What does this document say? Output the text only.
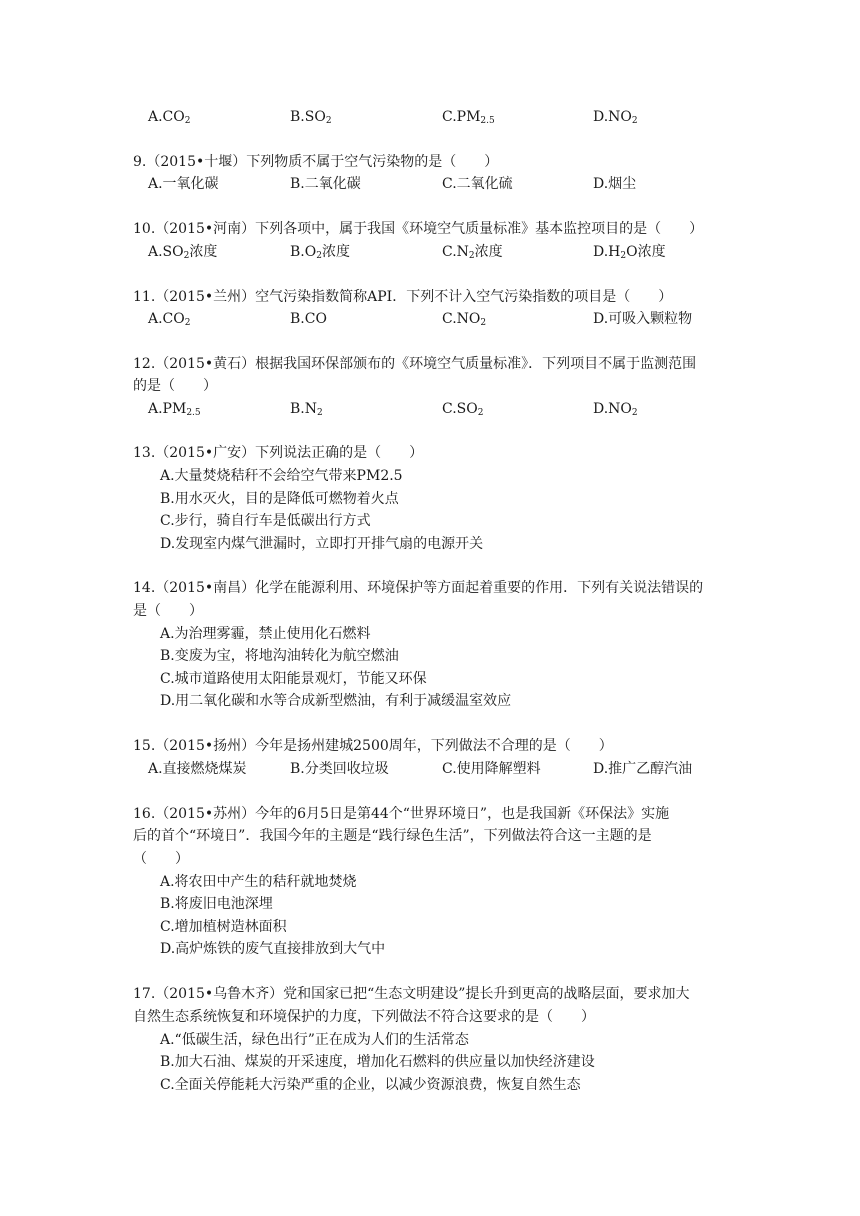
$A.CO_2$	$B.SO_2$	$C.PM_{2.5}$	$D.NO_2$
9.（2015•十堰）下列物质不属于空气污染物的是（　　）
A.一氧化碳	B.二氧化碳	C.二氧化硫	D.烟尘
10.（2015•河南）下列各项中，属于我国《环境空气质量标准》基本监控项目的是（　　）
$A.SO_2$浓度	$B.O_2$浓度	$C.N_2$浓度	$D.H_2O$浓度
11.（2015•兰州）空气污染指数简称API．下列不计入空气污染指数的项目是（　　）
$A.CO_2$	B.CO	$C.NO_2$	D.可吸入颗粒物
12.（2015•黄石）根据我国环保部颁布的《环境空气质量标准》．下列项目不属于监测范围
的是（　　）
$A.PM_{2.5}$	$B.N_2$	$C.SO_2$	$D.NO_2$
13.（2015•广安）下列说法正确的是（　　）
A.大量焚烧秸秆不会给空气带来PM2.5
B.用水灭火，目的是降低可燃物着火点
C.步行，骑自行车是低碳出行方式
D.发现室内煤气泄漏时，立即打开排气扇的电源开关
14.（2015•南昌）化学在能源利用、环境保护等方面起着重要的作用．下列有关说法错误的
是（　　）
A.为治理雾霾，禁止使用化石燃料
B.变废为宝，将地沟油转化为航空燃油
C.城市道路使用太阳能景观灯，节能又环保
D.用二氧化碳和水等合成新型燃油，有利于减缓温室效应
15.（2015•扬州）今年是扬州建城2500周年，下列做法不合理的是（　　）
A.直接燃烧煤炭	B.分类回收垃圾	C.使用降解塑料	D.推广乙醇汽油
16.（2015•苏州）今年的6月5日是第44个“世界环境日”，也是我国新《环保法》实施
后的首个“环境日”．我国今年的主题是“践行绿色生活”，下列做法符合这一主题的是
（　　）
A.将农田中产生的秸秆就地焚烧
B.将废旧电池深埋
C.增加植树造林面积
D.高炉炼铁的废气直接排放到大气中
17.（2015•乌鲁木齐）党和国家已把“生态文明建设”提长升到更高的战略层面，要求加大
自然生态系统恢复和环境保护的力度，下列做法不符合这要求的是（　　）
A.“低碳生活，绿色出行”正在成为人们的生活常态
B.加大石油、煤炭的开采速度，增加化石燃料的供应量以加快经济建设
C.全面关停能耗大污染严重的企业，以减少资源浪费，恢复自然生态
